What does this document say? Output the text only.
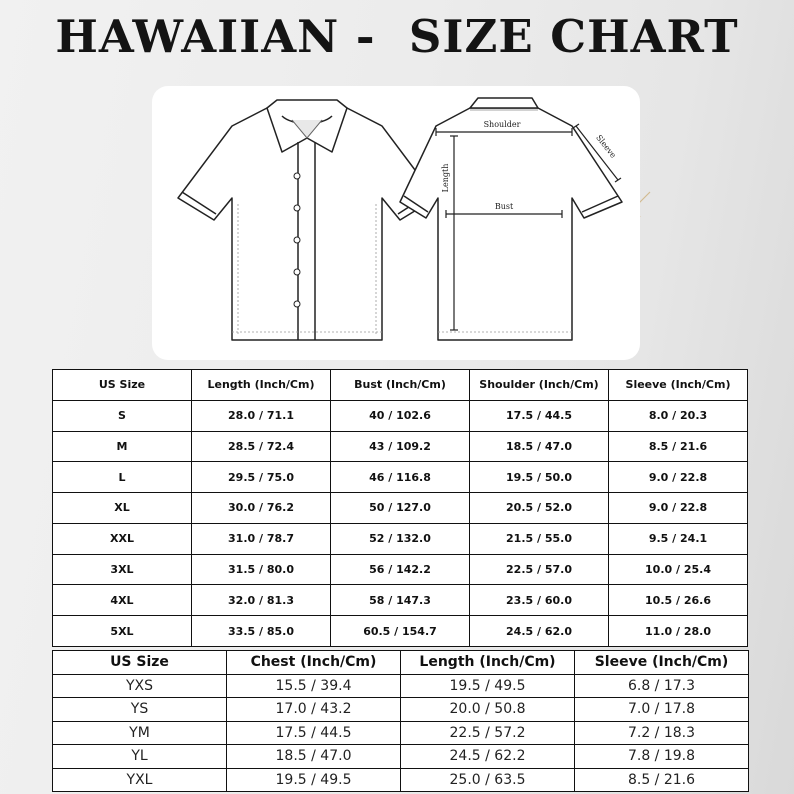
HAWAIIAN -  SIZE CHART
Shoulder
Bust
Length
Sleeve
US Size	Length (Inch/Cm)	Bust (Inch/Cm)	Shoulder (Inch/Cm)	Sleeve (Inch/Cm)
S	28.0 / 71.1	40 / 102.6	17.5 / 44.5	8.0 / 20.3
M	28.5 / 72.4	43 / 109.2	18.5 / 47.0	8.5 / 21.6
L	29.5 / 75.0	46 / 116.8	19.5 / 50.0	9.0 / 22.8
XL	30.0 / 76.2	50 / 127.0	20.5 / 52.0	9.0 / 22.8
XXL	31.0 / 78.7	52 / 132.0	21.5 / 55.0	9.5 / 24.1
3XL	31.5 / 80.0	56 / 142.2	22.5 / 57.0	10.0 / 25.4
4XL	32.0 / 81.3	58 / 147.3	23.5 / 60.0	10.5 / 26.6
5XL	33.5 / 85.0	60.5 / 154.7	24.5 / 62.0	11.0 / 28.0
US Size	Chest (Inch/Cm)	Length (Inch/Cm)	Sleeve (Inch/Cm)
YXS	15.5 / 39.4	19.5 / 49.5	6.8 / 17.3
YS	17.0 / 43.2	20.0 / 50.8	7.0 / 17.8
YM	17.5 / 44.5	22.5 / 57.2	7.2 / 18.3
YL	18.5 / 47.0	24.5 / 62.2	7.8 / 19.8
YXL	19.5 / 49.5	25.0 / 63.5	8.5 / 21.6
